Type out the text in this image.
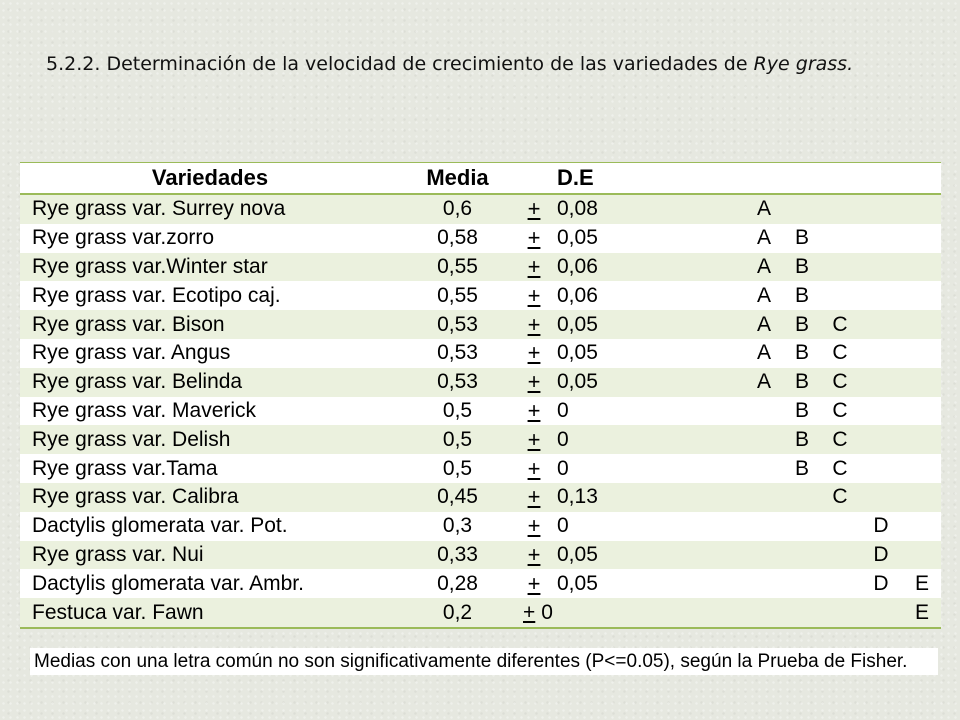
5.2.2. Determinación de la velocidad de crecimiento de las variedades de Rye grass.
Variedades	Media		D.E					
Rye grass var. Surrey nova	0,6	+	0,08	A				
Rye grass var.zorro	0,58	+	0,05	A	B			
Rye grass var.Winter star	0,55	+	0,06	A	B			
Rye grass var. Ecotipo caj.	0,55	+	0,06	A	B			
Rye grass var. Bison	0,53	+	0,05	A	B	C		
Rye grass var. Angus	0,53	+	0,05	A	B	C		
Rye grass var. Belinda	0,53	+	0,05	A	B	C		
Rye grass var. Maverick	0,5	+	0		B	C		
Rye grass var. Delish	0,5	+	0		B	C		
Rye grass var.Tama	0,5	+	0		B	C		
Rye grass var. Calibra	0,45	+	0,13			C		
Dactylis glomerata var. Pot.	0,3	+	0				D	
Rye grass var. Nui	0,33	+	0,05				D	
Dactylis glomerata var. Ambr.	0,28	+	0,05				D	E
Festuca var. Fawn	0,2	+ 0						E
Medias con una letra común no son significativamente diferentes (P<=0.05), según la Prueba de Fisher.
